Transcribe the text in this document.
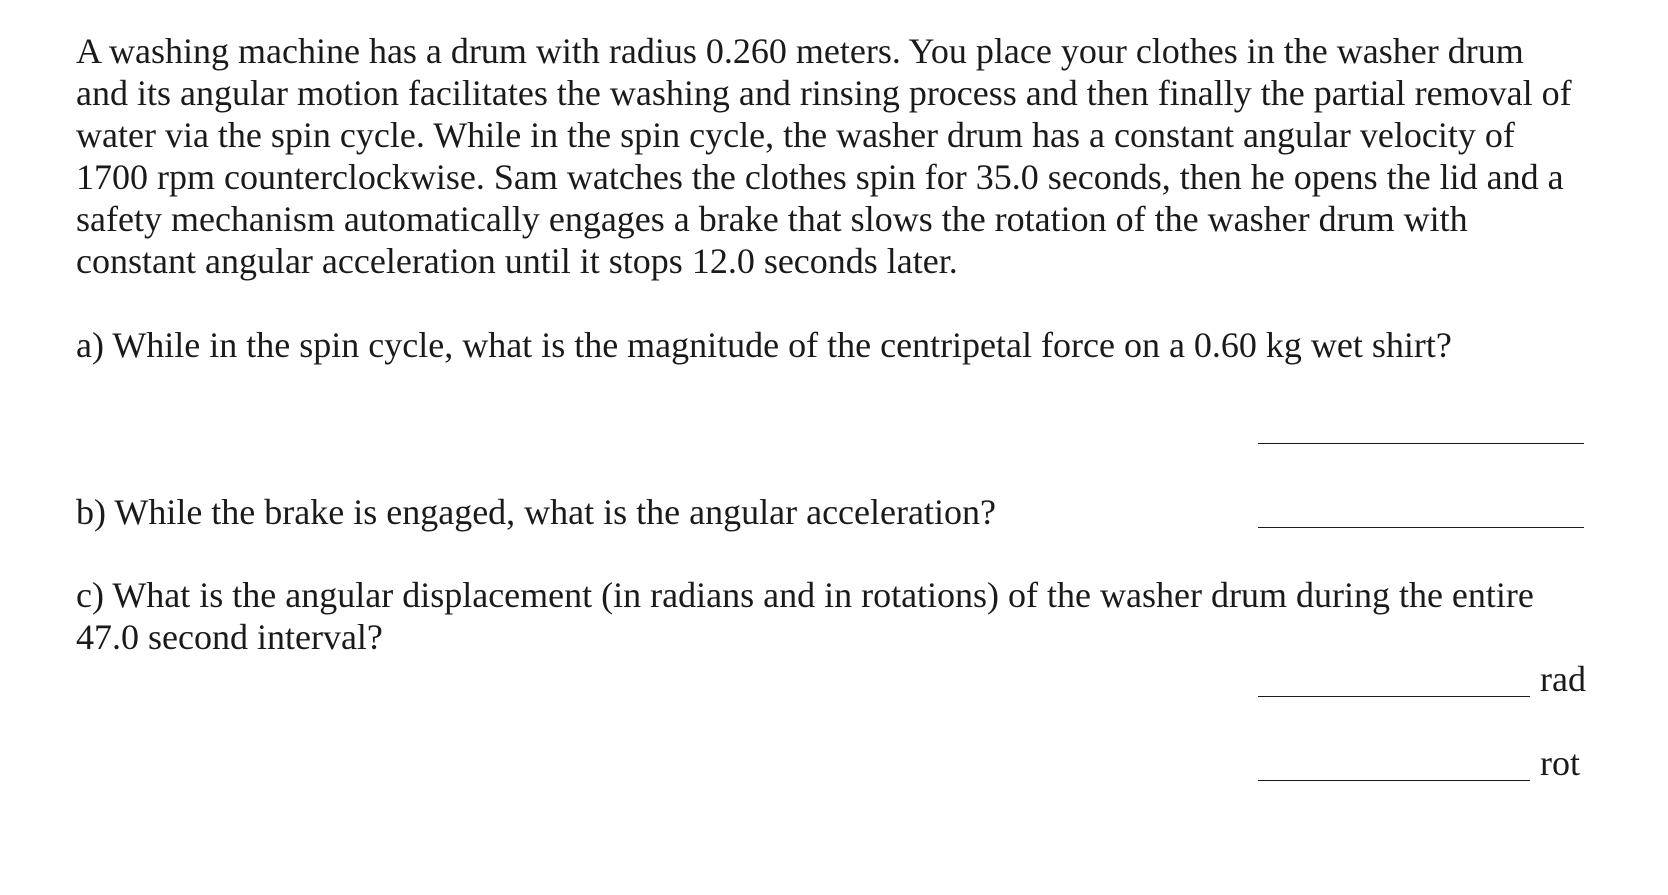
A washing machine has a drum with radius 0.260 meters. You place your clothes in the washer drum
and its angular motion facilitates the washing and rinsing process and then finally the partial removal of
water via the spin cycle. While in the spin cycle, the washer drum has a constant angular velocity of
1700 rpm counterclockwise. Sam watches the clothes spin for 35.0 seconds, then he opens the lid and a
safety mechanism automatically engages a brake that slows the rotation of the washer drum with
constant angular acceleration until it stops 12.0 seconds later.

a) While in the spin cycle, what is the magnitude of the centripetal force on a 0.60 kg wet shirt?

b) While the brake is engaged, what is the angular acceleration?

c) What is the angular displacement (in radians and in rotations) of the washer drum during the entire
47.0 second interval?

rad
rot
